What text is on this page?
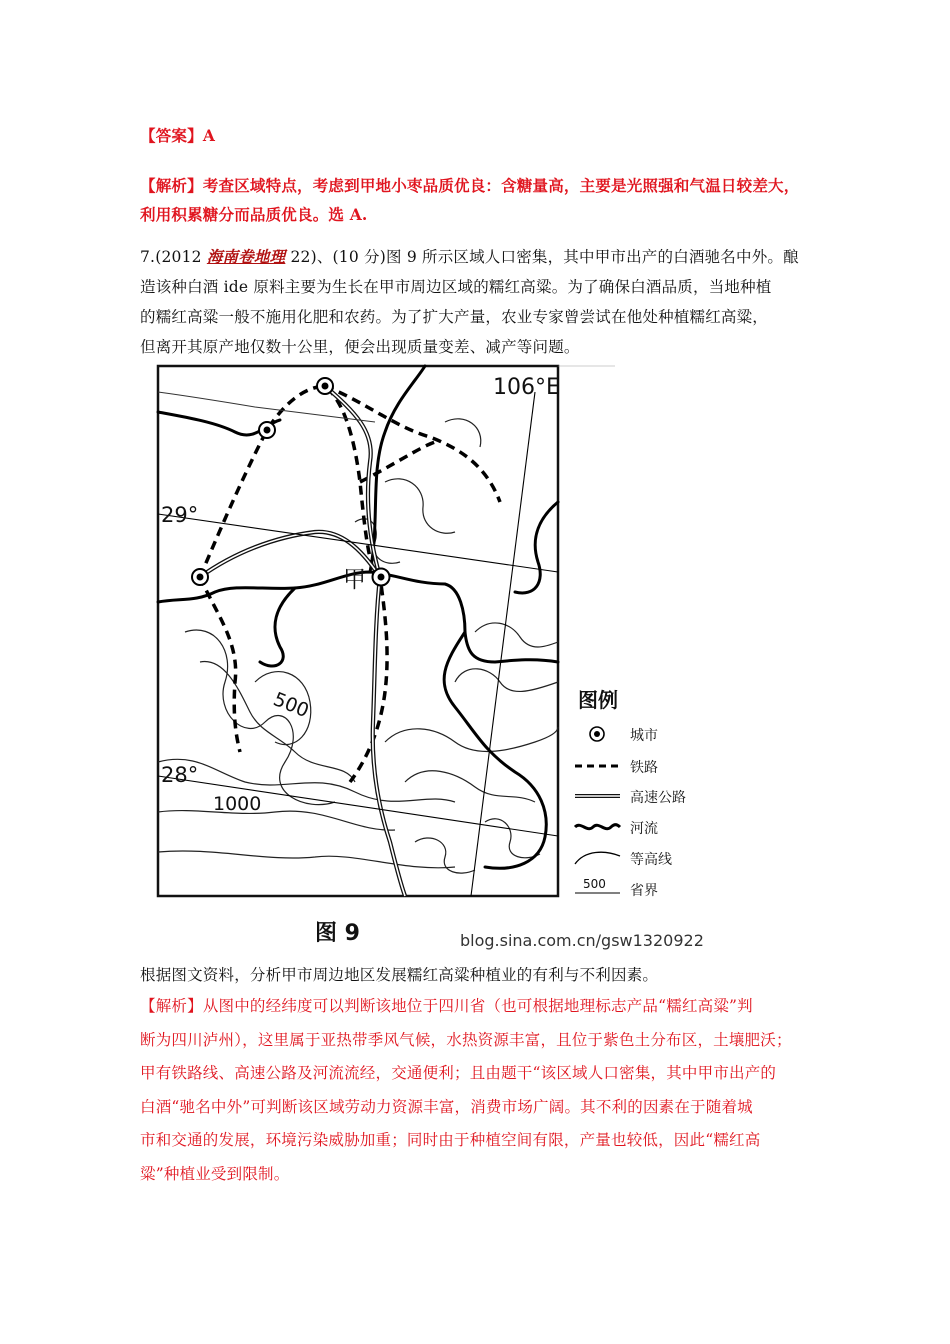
【答案】A
【解析】考查区域特点，考虑到甲地小枣品质优良：含糖量高，主要是光照强和气温日较差大，
利用积累糖分而品质优良。选 A.
7.(2012 海南卷地理 22)、(10 分)图 9 所示区域人口密集，其中甲市出产的白酒驰名中外。酿
造该种白酒 ide 原料主要为生长在甲市周边区域的糯红高粱。为了确保白酒品质，当地种植
的糯红高粱一般不施用化肥和农药。为了扩大产量，农业专家曾尝试在他处种植糯红高粱，
但离开其原产地仅数十公里，便会出现质量变差、减产等问题。
106°E
29°
28°
甲
500
1000
图例
城市
铁路
高速公路
河流
等高线
500 省界
图 9	blog.sina.com.cn/gsw1320922
根据图文资料，分析甲市周边地区发展糯红高粱种植业的有利与不利因素。
【解析】从图中的经纬度可以判断该地位于四川省（也可根据地理标志产品“糯红高粱”判
断为四川泸州），这里属于亚热带季风气候，水热资源丰富，且位于紫色土分布区，土壤肥沃；
甲有铁路线、高速公路及河流流经，交通便利；且由题干“该区域人口密集，其中甲市出产的
白酒“驰名中外”可判断该区域劳动力资源丰富，消费市场广阔。其不利的因素在于随着城
市和交通的发展，环境污染威胁加重；同时由于种植空间有限，产量也较低，因此“糯红高
粱”种植业受到限制。
